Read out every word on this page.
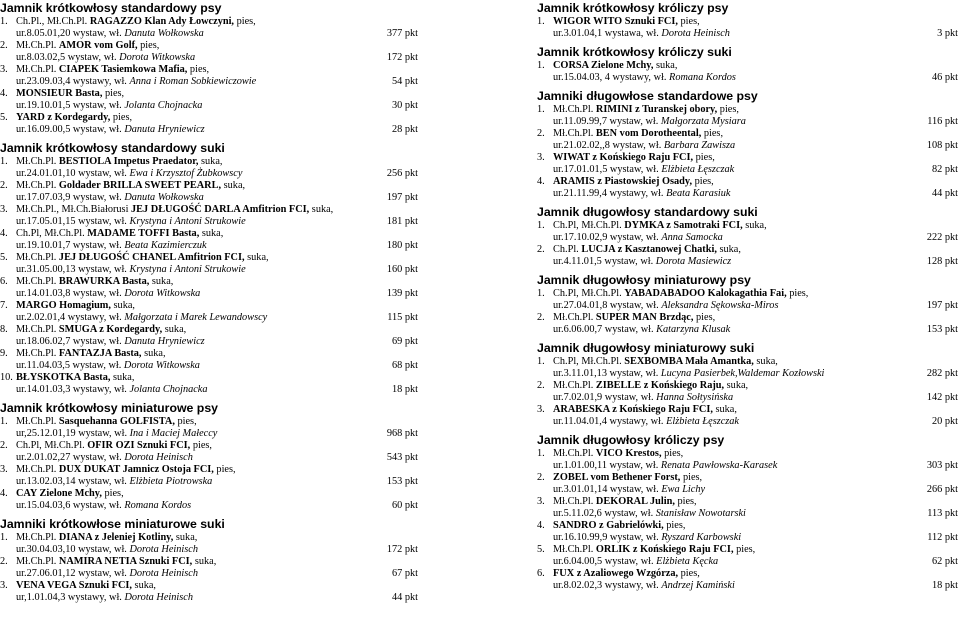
Jamnik krótkowłosy standardowy psy
1. Ch.Pl., Mł.Ch.Pl. RAGAZZO Klan Ady Łowczyni, pies,
ur.8.05.01,20 wystaw, wł. Danuta Wołkowska	377 pkt
2. Mł.Ch.Pl. AMOR vom Golf, pies,
ur.8.03.02,5 wystaw, wł. Dorota Witkowska	172 pkt
3. Mł.Ch.Pl. CIAPEK Tasiemkowa Mafia, pies,
ur.23.09.03,4 wystawy, wł. Anna i Roman Sobkiewiczowie	54 pkt
4. MONSIEUR Basta, pies,
ur.19.10.01,5 wystaw, wł. Jolanta Chojnacka	30 pkt
5. YARD z Kordegardy, pies,
ur.16.09.00,5 wystaw, wł. Danuta Hryniewicz	28 pkt
Jamnik krótkowłosy standardowy suki
1. Mł.Ch.Pl. BESTIOLA Impetus Praedator, suka,
ur.24.01.01,10 wystaw, wł. Ewa i Krzysztof Żubkowscy	256 pkt
2. Mł.Ch.Pl. Goldader BRILLA SWEET PEARL, suka,
ur.17.07.03,9 wystaw, wł. Danuta Wołkowska	197 pkt
3. Mł.Ch.Pl., Mł.Ch.Białorusi JEJ DŁUGOŚĆ DARLA Amfitrion FCI, suka,
ur.17.05.01,15 wystaw, wł. Krystyna i Antoni Strukowie	181 pkt
4. Ch.Pl, Mł.Ch.Pl. MADAME TOFFI Basta, suka,
ur.19.10.01,7 wystaw, wł. Beata Kazimierczuk	180 pkt
5. Mł.Ch.Pl. JEJ DŁUGOŚĆ CHANEL Amfitrion FCI, suka,
ur.31.05.00,13 wystaw, wł. Krystyna i Antoni Strukowie	160 pkt
6. Mł.Ch.Pl. BRAWURKA Basta, suka,
ur.14.01.03,8 wystaw, wł. Dorota Witkowska	139 pkt
7. MARGO Homagium, suka,
ur.2.02.01,4 wystawy, wł. Małgorzata i Marek Lewandowscy	115 pkt
8. Mł.Ch.Pl. SMUGA z Kordegardy, suka,
ur.18.06.02,7 wystaw, wł. Danuta Hryniewicz	69 pkt
9. Mł.Ch.Pl. FANTAZJA Basta, suka,
ur.11.04.03,5 wystaw, wł. Dorota Witkowska	68 pkt
10. BŁYSKOTKA Basta, suka,
ur.14.01.03,3 wystawy, wł. Jolanta Chojnacka	18 pkt
Jamnik krótkowłosy miniaturowe psy
1. Mł.Ch.Pl. Sasquehanna GOLFISTA, pies,
ur,25.12.01,19 wystaw, wł. Ina i Maciej Małeccy	968 pkt
2. Ch.Pl, Mł.Ch.Pl. OFIR OZI Sznuki FCI, pies,
ur.2.01.02,27 wystaw, wł. Dorota Heinisch	543 pkt
3. Mł.Ch.Pl. DUX DUKAT Jamnicz Ostoja FCI, pies,
ur.13.02.03,14 wystaw, wł. Elżbieta Piotrowska	153 pkt
4. CAY Zielone Mchy, pies,
ur.15.04.03,6 wystaw, wł. Romana Kordos	60 pkt
Jamniki krótkowłose miniaturowe suki
1. Mł.Ch.Pl. DIANA z Jeleniej Kotliny, suka,
ur.30.04.03,10 wystaw, wł. Dorota Heinisch	172 pkt
2. Mł.Ch.Pl. NAMIRA NETIA Sznuki FCI, suka,
ur.27.06.01,12 wystaw, wł. Dorota Heinisch	67 pkt
3. VENA VEGA Sznuki FCI, suka,
ur,1.01.04,3 wystawy, wł. Dorota Heinisch	44 pkt
Jamnik krótkowłosy króliczy psy
1. WIGOR WITO Sznuki FCI, pies,
ur.3.01.04,1 wystawa, wł. Dorota Heinisch	3 pkt
Jamnik krótkowłosy króliczy suki
1. CORSA Zielone Mchy, suka,
ur.15.04.03, 4 wystawy, wł. Romana Kordos	46 pkt
Jamniki długowłose standardowe psy
1. Mł.Ch.Pl. RIMINI z Turanskej obory, pies,
ur.11.09.99,7 wystaw, wł. Małgorzata Mysiara	116 pkt
2. Mł.Ch.Pl. BEN vom Dorotheental, pies,
ur.21.02.02,,8 wystaw, wł. Barbara Zawisza	108 pkt
3. WIWAT z Końskiego Raju FCI, pies,
ur.17.01.01,5 wystaw, wł. Elżbieta Łęszczak	82 pkt
4. ARAMIS z Piastowskiej Osady, pies,
ur.21.11.99,4 wystawy, wł. Beata Karasiuk	44 pkt
Jamnik długowłosy standardowy suki
1. Ch.Pl, Mł.Ch.Pl. DYMKA z Samotraki FCI, suka,
ur.17.10.02,9 wystaw, wł. Anna Samocka	222 pkt
2. Ch.Pl. LUCJA z Kasztanowej Chatki, suka,
ur.4.11.01,5 wystaw, wł. Dorota Masiewicz	128 pkt
Jamnik długowłosy miniaturowy psy
1. Ch.Pl, Mł.Ch.Pl. YABADABADOO Kalokagathia Fai, pies,
ur.27.04.01,8 wystaw, wł. Aleksandra Sękowska-Miros	197 pkt
2. Mł.Ch.Pl. SUPER MAN Brzdąc, pies,
ur.6.06.00,7 wystaw, wł. Katarzyna Klusak	153 pkt
Jamnik długowłosy miniaturowy suki
1. Ch.Pl, Mł.Ch.Pl. SEXBOMBA Mała Amantka, suka,
ur.3.11.01,13 wystaw, wł. Lucyna Pasierbek,Waldemar Kozłowski	282 pkt
2. Mł.Ch.Pl. ZIBELLE z Końskiego Raju, suka,
ur.7.02.01,9 wystaw, wł. Hanna Sołtysińska	142 pkt
3. ARABESKA z Końskiego Raju FCI, suka,
ur.11.04.01,4 wystawy, wł. Elżbieta Łęszczak	20 pkt
Jamnik długowłosy króliczy psy
1. Mł.Ch.Pl. VICO Krestos, pies,
ur.1.01.00,11 wystaw, wł. Renata Pawłowska-Karasek	303 pkt
2. ZOBEL vom Bethener Forst, pies,
ur.3.01.01,14 wystaw, wł. Ewa Lichy	266 pkt
3. Mł.Ch.Pl. DEKORAL Julin, pies,
ur.5.11.02,6 wystaw, wł. Stanisław Nowotarski	113 pkt
4. SANDRO z Gabrielówki, pies,
ur.16.10.99,9 wystaw, wł. Ryszard Karbowski	112 pkt
5. Mł.Ch.Pl. ORLIK z Końskiego Raju FCI, pies,
ur.6.04.00,5 wystaw, wł. Elżbieta Kęcka	62 pkt
6. FUX z Azaliowego Wzgórza, pies,
ur.8.02.02,3 wystawy, wł. Andrzej Kamiński	18 pkt
